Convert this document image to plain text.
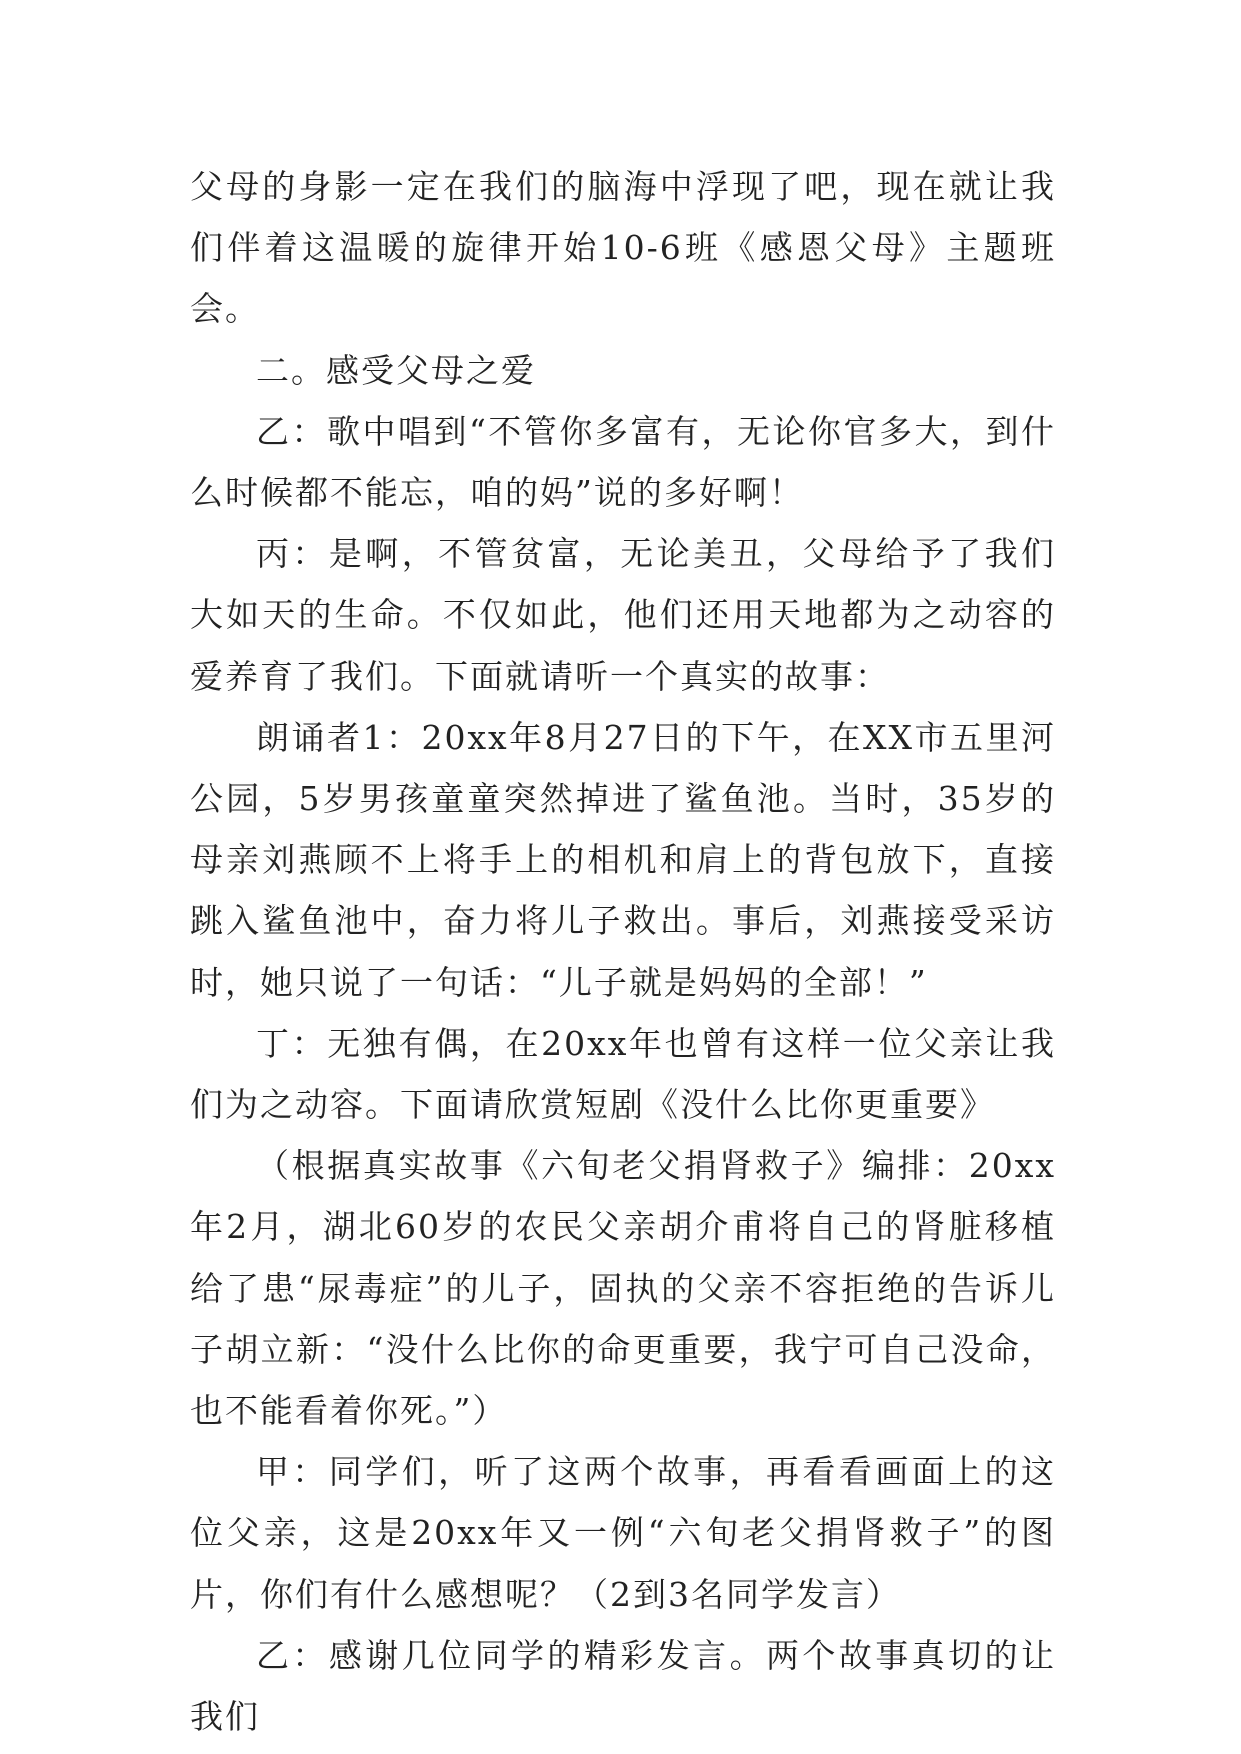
父母的身影一定在我们的脑海中浮现了吧，现在就让我们伴着这温暖的旋律开始10-6班《感恩父母》主题班会。

二。感受父母之爱

乙：歌中唱到“不管你多富有，无论你官多大，到什么时候都不能忘，咱的妈”说的多好啊！

丙：是啊，不管贫富，无论美丑，父母给予了我们大如天的生命。不仅如此，他们还用天地都为之动容的爱养育了我们。下面就请听一个真实的故事：

朗诵者1：20xx年8月27日的下午，在XX市五里河公园，5岁男孩童童突然掉进了鲨鱼池。当时，35岁的母亲刘燕顾不上将手上的相机和肩上的背包放下，直接跳入鲨鱼池中，奋力将儿子救出。事后，刘燕接受采访时，她只说了一句话：“儿子就是妈妈的全部！”

丁：无独有偶，在20xx年也曾有这样一位父亲让我们为之动容。下面请欣赏短剧《没什么比你更重要》

（根据真实故事《六旬老父捐肾救子》编排：20xx年2月，湖北60岁的农民父亲胡介甫将自己的肾脏移植给了患“尿毒症”的儿子，固执的父亲不容拒绝的告诉儿子胡立新：“没什么比你的命更重要，我宁可自己没命，也不能看着你死。”）

甲：同学们，听了这两个故事，再看看画面上的这位父亲，这是20xx年又一例“六旬老父捐肾救子”的图片，你们有什么感想呢？（2到3名同学发言）

乙：感谢几位同学的精彩发言。两个故事真切的让我们
